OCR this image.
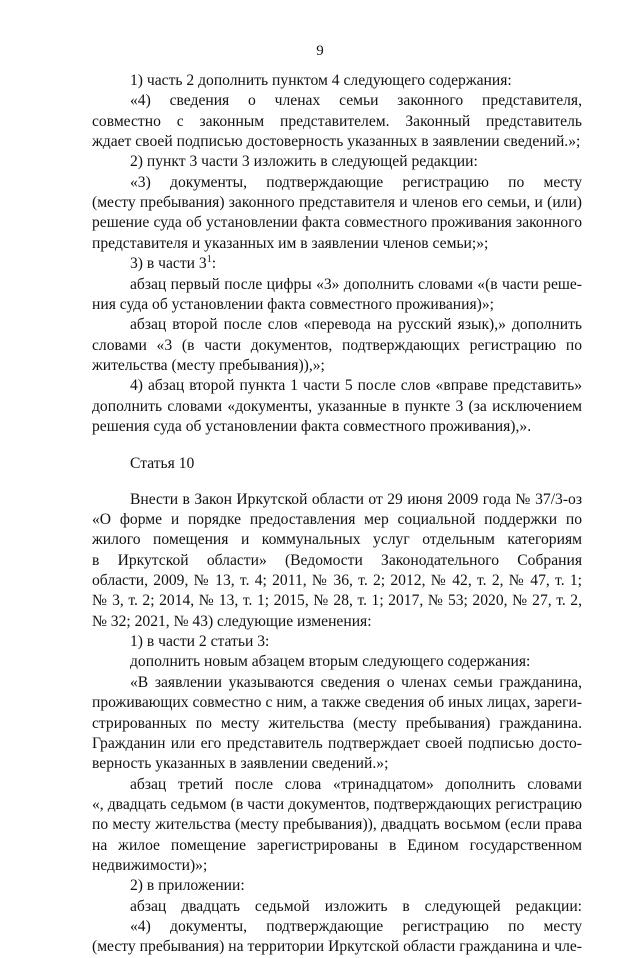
9
1) часть 2 дополнить пунктом 4 следующего содержания:
«4) сведения о членах семьи законного представителя,
совместно с законным представителем. Законный представитель
ждает своей подписью достоверность указанных в заявлении сведений.»;
2) пункт 3 части 3 изложить в следующей редакции:
«3) документы, подтверждающие регистрацию по месту
(месту пребывания) законного представителя и членов его семьи, и (или)
решение суда об установлении факта совместного проживания законного
представителя и указанных им в заявлении членов семьи;»;
3) в части $3^1$:
абзац первый после цифры «3» дополнить словами «(в части реше-
ния суда об установлении факта совместного проживания)»;
абзац второй после слов «перевода на русский язык),» дополнить
словами «3 (в части документов, подтверждающих регистрацию по
жительства (месту пребывания)),»;
4) абзац второй пункта 1 части 5 после слов «вправе представить»
дополнить словами «документы, указанные в пункте 3 (за исключением
решения суда об установлении факта совместного проживания),».
Статья 10
Внести в Закон Иркутской области от 29 июня 2009 года № 37/3-оз
«О форме и порядке предоставления мер социальной поддержки по
жилого помещения и коммунальных услуг отдельным категориям
в Иркутской области» (Ведомости Законодательного Собрания
области, 2009, № 13, т. 4; 2011, № 36, т. 2; 2012, № 42, т. 2, № 47, т. 1;
№ 3, т. 2; 2014, № 13, т. 1; 2015, № 28, т. 1; 2017, № 53; 2020, № 27, т. 2,
№ 32; 2021, № 43) следующие изменения:
1) в части 2 статьи 3:
дополнить новым абзацем вторым следующего содержания:
«В заявлении указываются сведения о членах семьи гражданина,
проживающих совместно с ним, а также сведения об иных лицах, зареги-
стрированных по месту жительства (месту пребывания) гражданина.
Гражданин или его представитель подтверждает своей подписью досто-
верность указанных в заявлении сведений.»;
абзац третий после слова «тринадцатом» дополнить словами
«, двадцать седьмом (в части документов, подтверждающих регистрацию
по месту жительства (месту пребывания)), двадцать восьмом (если права
на жилое помещение зарегистрированы в Едином государственном
недвижимости)»;
2) в приложении:
абзац двадцать седьмой изложить в следующей редакции:
«4) документы, подтверждающие регистрацию по месту
(месту пребывания) на территории Иркутской области гражданина и чле-
